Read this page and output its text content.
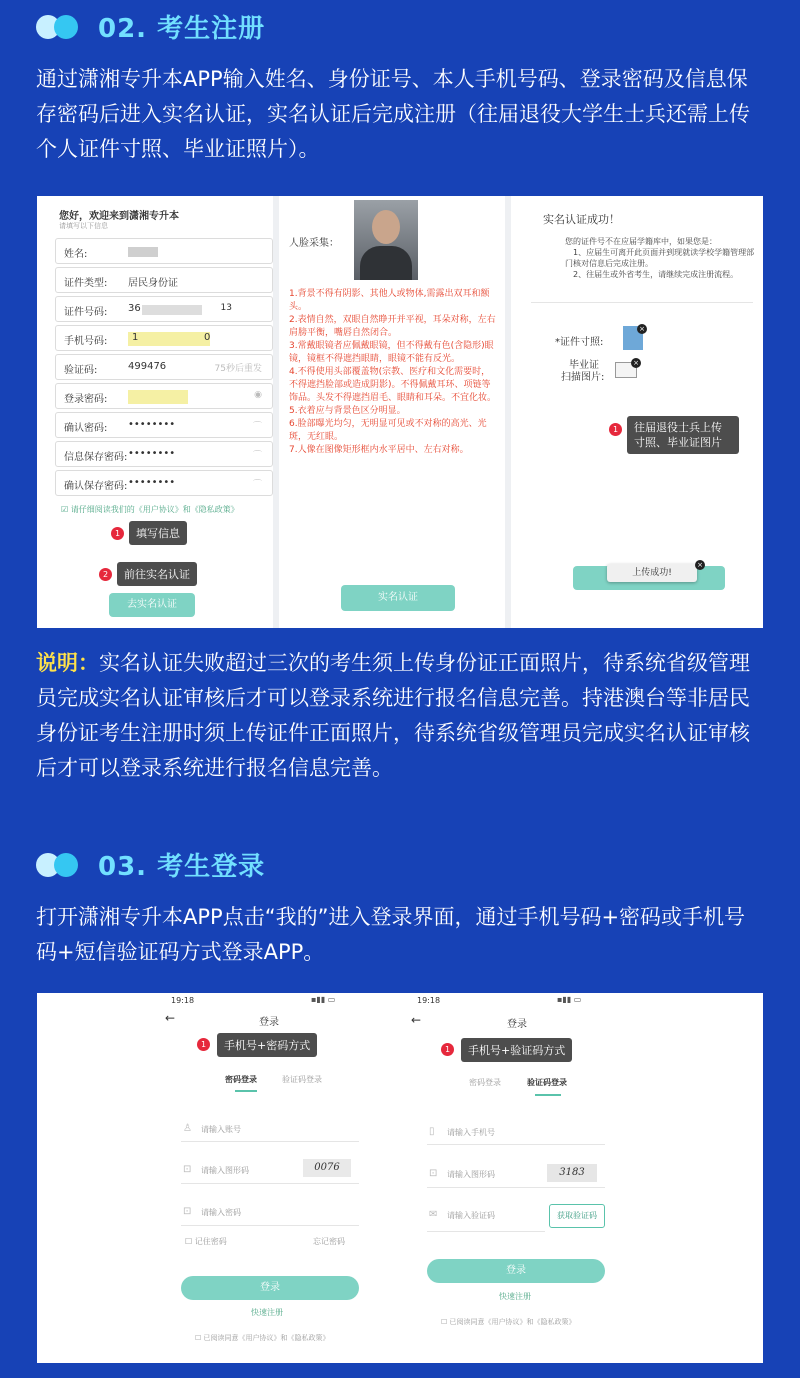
02. 考生注册

通过潇湘专升本APP输入姓名、身份证号、本人手机号码、登录密码及信息保存密码后进入实名认证，实名认证后完成注册（往届退役大学生士兵还需上传个人证件寸照、毕业证照片）。

您好，欢迎来到潇湘专升本
请填写以下信息
姓名:
证件类型: 居民身份证
证件号码: 36	13
手机号码: 1	0
验证码:	499476	75秒后重发
登录密码:	◉
确认密码: ••••••••	⌒
信息保存密码: ••••••••	⌒
确认保存密码: ••••••••	⌒
☑ 请仔细阅读我们的《用户协议》和《隐私政策》
1	填写信息
2	前往实名认证
去实名认证
人脸采集：
1.背景不得有阴影、其他人或物体,需露出双耳和额头。
2.表情自然，双眼自然睁开并平视，耳朵对称，左右肩膀平衡，嘴唇自然闭合。
3.常戴眼镜者应佩戴眼镜，但不得戴有色(含隐形)眼镜，镜框不得遮挡眼睛，眼镜不能有反光。
4.不得使用头部覆盖物(宗教、医疗和文化需要时，不得遮挡脸部或造成阴影)。不得佩戴耳环、项链等饰品。头发不得遮挡眉毛、眼睛和耳朵。不宜化妆。
5.衣着应与背景色区分明显。
6.脸部曝光均匀，无明显可见或不对称的高光、光斑，无红眼。
7.人像在图像矩形框内水平居中、左右对称。
实名认证
实名认证成功！
您的证件号不在应届学籍库中，如果您是：
　1、应届生可离开此页面并到现就读学校学籍管理部门核对信息后完成注册。
　2、往届生或外省考生，请继续完成注册流程。
*证件寸照:
×
毕业证
扫描图片:
×
1	往届退役士兵上传
寸照、毕业证图片
上传成功!
×

说明：实名认证失败超过三次的考生须上传身份证正面照片，待系统省级管理员完成实名认证审核后才可以登录系统进行报名信息完善。持港澳台等非居民身份证考生注册时须上传证件正面照片，待系统省级管理员完成实名认证审核后才可以登录系统进行报名信息完善。

03. 考生登录

打开潇湘专升本APP点击“我的”进入登录界面，通过手机号码+密码或手机号码+短信验证码方式登录APP。

19:18	▪▮▮ ▭
←	登录
1	手机号+密码方式
密码登录	验证码登录
♙ 请输入账号
⊡ 请输入图形码	0076
⊡ 请输入密码
☐ 记住密码	忘记密码
登录
快速注册
☐ 已阅读同意《用户协议》和《隐私政策》
19:18	▪▮▮ ▭
←	登录
1	手机号+验证码方式
密码登录	验证码登录
▯ 请输入手机号
⊡ 请输入图形码	3183
✉ 请输入验证码	获取验证码
登录
快速注册
☐ 已阅读同意《用户协议》和《隐私政策》
